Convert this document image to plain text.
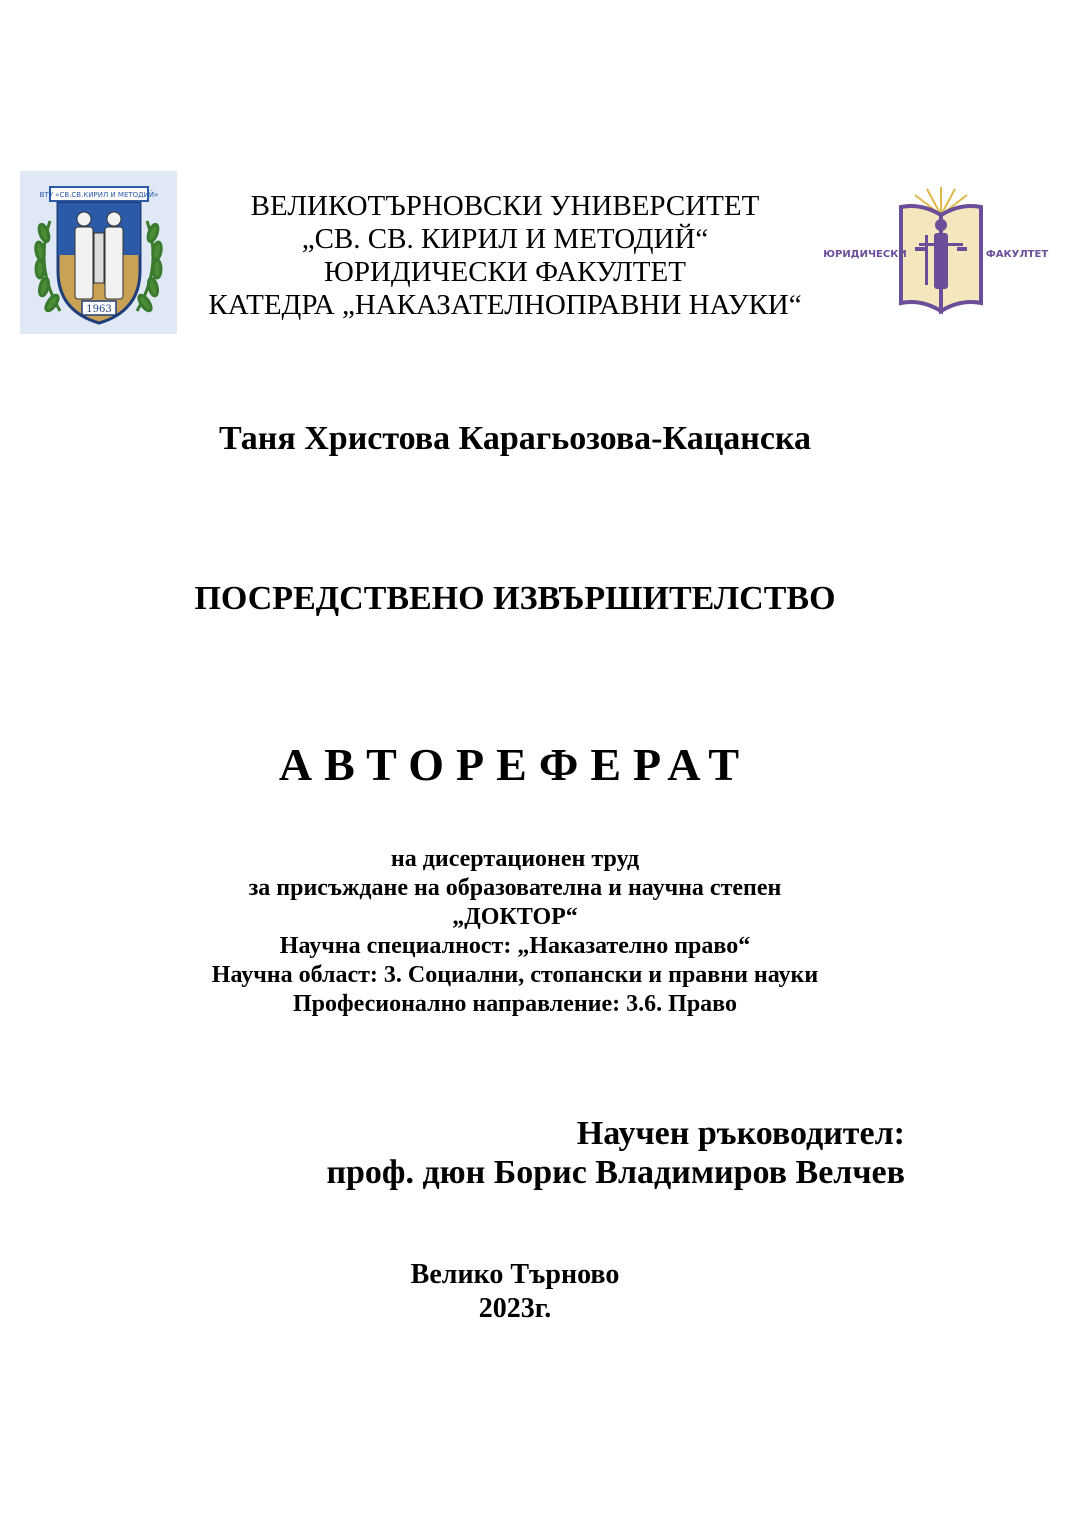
ВТУ «СВ.СВ.КИРИЛ И МЕТОДИЙ»
1963
ВЕЛИКОТЪРНОВСКИ УНИВЕРСИТЕТ
„СВ. СВ. КИРИЛ И МЕТОДИЙ“
ЮРИДИЧЕСКИ ФАКУЛТЕТ
КАТЕДРА „НАКАЗАТЕЛНОПРАВНИ НАУКИ“
ЮРИДИЧЕСКИ	ФАКУЛТЕТ
Таня Христова Карагьозова-Кацанска
ПОСРЕДСТВЕНО ИЗВЪРШИТЕЛСТВО
АВТОРЕФЕРАТ
на дисертационен труд
за присъждане на образователна и научна степен
„ДОКТОР“
Научна специалност: „Наказателно право“
Научна област: 3. Социални, стопански и правни науки
Професионално направление: 3.6. Право
Научен ръководител:
проф. дюн Борис Владимиров Велчев
Велико Търново
2023г.
